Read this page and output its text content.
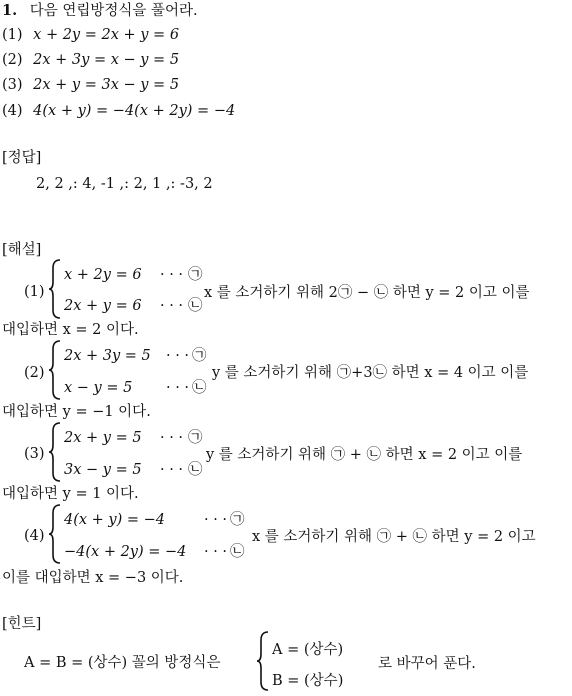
1. 다음 연립방정식을 풀어라.
(1) x + 2y = 2x + y = 6
(2) 2x + 3y = x − y = 5
(3) 2x + y = 3x − y = 5
(4) 4(x + y) = −4(x + 2y) = −4
[정답]
2, 2 ,: 4, -1 ,: 2, 1 ,: -3, 2
[해설]
(1)
x + 2y = 6 · · · ㉠
2x + y = 6 · · · ㉡
x 를 소거하기 위해 2㉠ − ㉡ 하면 y = 2 이고 이를
대입하면 x = 2 이다.
(2)
2x + 3y = 5 · · · ㉠
x − y = 5 · · · ㉡
y 를 소거하기 위해 ㉠+3㉡ 하면 x = 4 이고 이를
대입하면 y = −1 이다.
(3)
2x + y = 5 · · · ㉠
3x − y = 5 · · · ㉡
y 를 소거하기 위해 ㉠ + ㉡ 하면 x = 2 이고 이를
대입하면 y = 1 이다.
(4)
4(x + y) = −4	· · · ㉠
−4(x + 2y) = −4 · · · ㉡
x 를 소거하기 위해 ㉠ + ㉡ 하면 y = 2 이고
이를 대입하면 x = −3 이다.
[힌트]
A = B = (상수) 꼴의 방정식은
A = (상수)
B = (상수)
로 바꾸어 푼다.
